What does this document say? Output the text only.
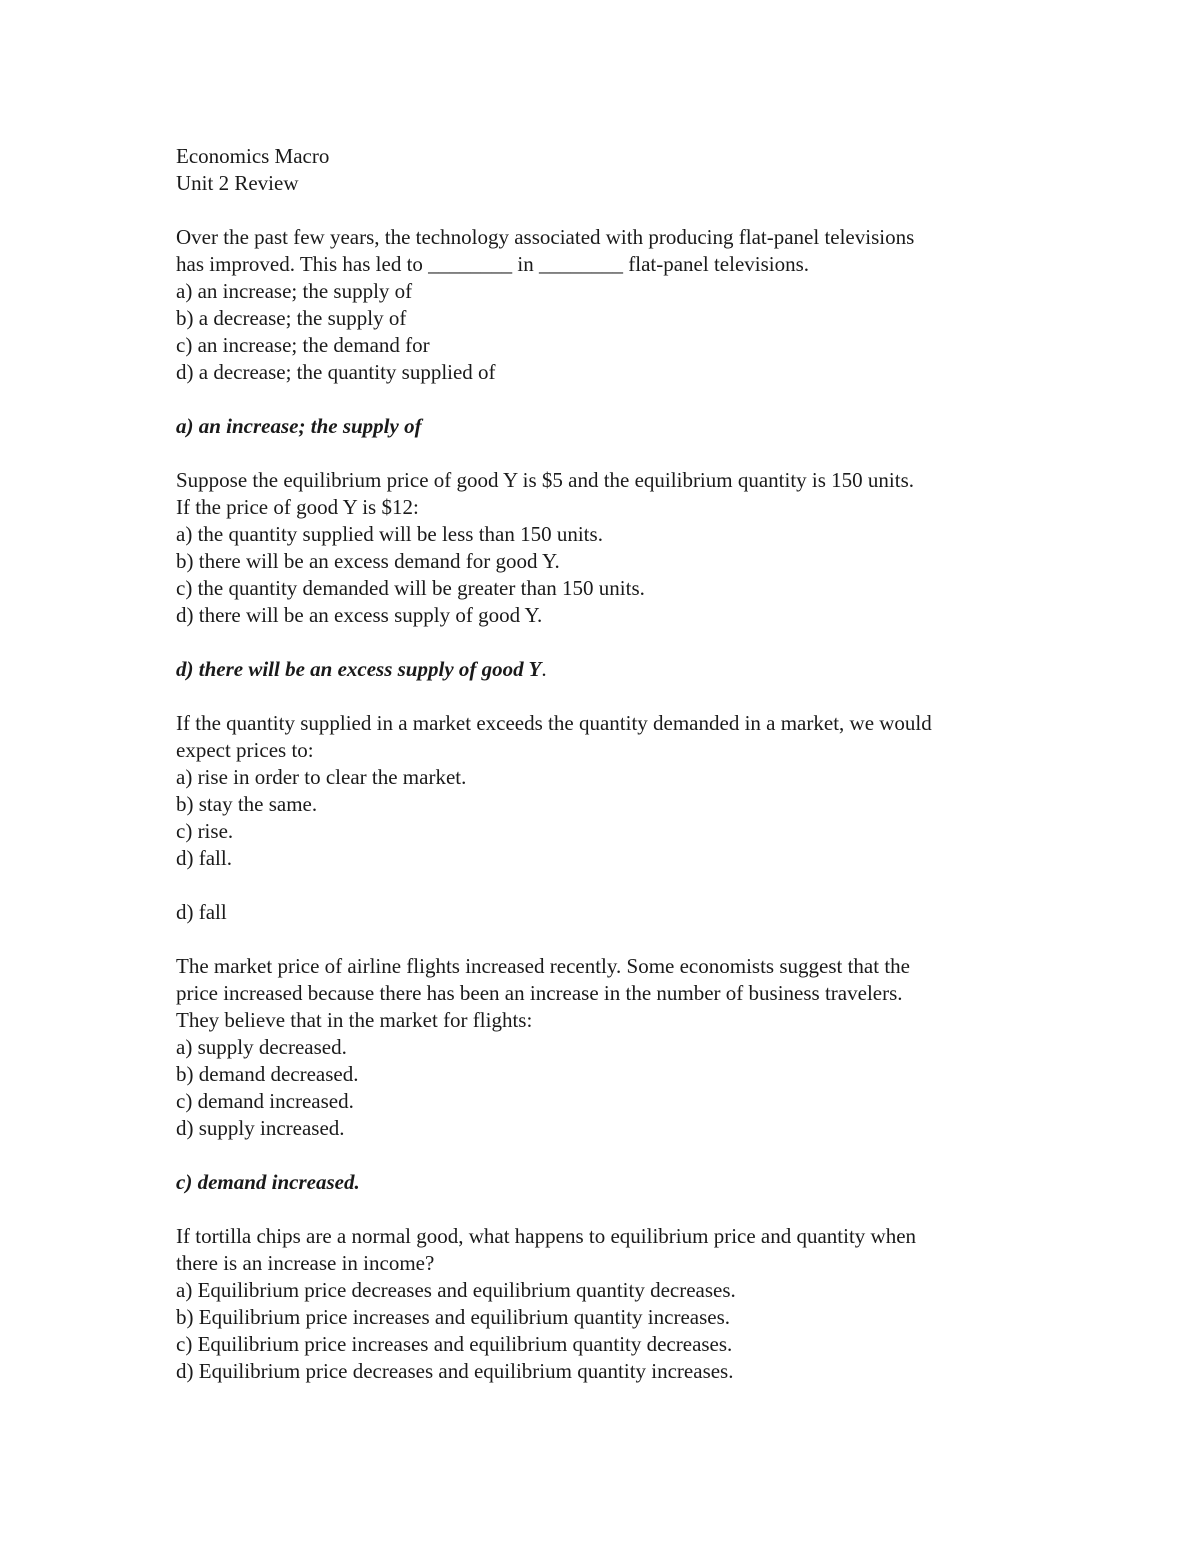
Economics Macro
Unit 2 Review
Over the past few years, the technology associated with producing flat-panel televisions
has improved. This has led to ________ in ________ flat-panel televisions.
a) an increase; the supply of
b) a decrease; the supply of
c) an increase; the demand for
d) a decrease; the quantity supplied of
a) an increase; the supply of
Suppose the equilibrium price of good Y is $5 and the equilibrium quantity is 150 units.
If the price of good Y is $12:
a) the quantity supplied will be less than 150 units.
b) there will be an excess demand for good Y.
c) the quantity demanded will be greater than 150 units.
d) there will be an excess supply of good Y.
d) there will be an excess supply of good Y.
If the quantity supplied in a market exceeds the quantity demanded in a market, we would
expect prices to:
a) rise in order to clear the market.
b) stay the same.
c) rise.
d) fall.
d) fall
The market price of airline flights increased recently. Some economists suggest that the
price increased because there has been an increase in the number of business travelers.
They believe that in the market for flights:
a) supply decreased.
b) demand decreased.
c) demand increased.
d) supply increased.
c) demand increased.
If tortilla chips are a normal good, what happens to equilibrium price and quantity when
there is an increase in income?
a) Equilibrium price decreases and equilibrium quantity decreases.
b) Equilibrium price increases and equilibrium quantity increases.
c) Equilibrium price increases and equilibrium quantity decreases.
d) Equilibrium price decreases and equilibrium quantity increases.
